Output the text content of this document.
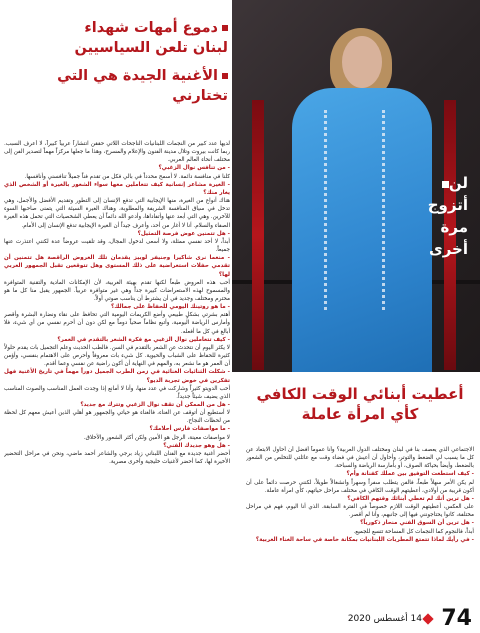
لن
أتزوج
مرة
أخرى
دموع أمهات شهداء
لبنان تلعن السياسيين
الأغنية الجيدة هي التي تختارني

لديها عدد كبير من النجمات اللبنانيات الناجحات اللاتي حققن انتشاراً عربياً كبيراً، لا أعرف السبب. ربما كانت بيروت وتلال مدينة الفنون والإعلام والمسرح، وهذا ما جعلها مركزاً مهماً لتصدير الفن إلى مختلف أنحاء العالم العربي.

- من تنافس نوال الزغبي؟

كلنا في منافسة دائمة. لا أسمح محدداً في بالي فكل من تقدم فناً جميلاً تنافسني وأنافسها.

- الغيرة مشاعر إنسانية كيف تتعاملين معها سواء الشعور بالغيرة أو الشخص الذي يغار منك؟

هناك أنواع من الغيرة، منها الإيجابية التي تدفع الإنسان إلى التطور وتقديم الأفضل والأجمل، وهي تدخل في سياق المنافسة الشريفة والمطلوبة، وهناك الغيرة السيئة التي يتمنى صاحبها السوء للآخرين. وهي التي أبعد عنها وأتفاداها، وأدعو الله دائماً أن يعطي الشخصيات التي تحمل هذه الغيرة الصفاء والسلام. أنا لا أغار من أحد، وأعرف جيداً أن الغيرة الإيجابية تدفع الإنسان إلى الأمام.

- هل تتمنين عوض فرصة التمثيل؟

أبداً، لا أحد نفسي ممثلة، ولا أسعى لدخول المجال، وقد تلقيت عروضاً عدة لكنني اعتذرت عنها جميعاً.

- منعما نرى شاكيرا وجنيفر لوبيز يقدمان تلك العروض الراقصة هل تتمنين أن تقدمي حفلات استعراضية على ذلك المستوى وهل تتوقعين تقبل الجمهور العربي لها؟

أحب هذه العروض طبعاً لكنها تقدم بهيئة الغربية، لأن الإمكانات المادية والتقنية المتوافرة والمسموح لهذه الاستعراضات كبيرة جداً وهي غير متوافرة عربياً. الجمهور يقبل منا كل ما هو محترم ومختلف وجديد في أن يشترط أن يناسب صوتي أولاً.

- ما هو روتينك اليومي للحفاظ على جمالك؟

أهتم بشرتي بشكلٍ طبيعي وأضع الكريمات اليومية التي تحافظ على نقاء ونضارة البشرة وأقصر وأمارس الرياضة اليومية، وأتبع نظاماً صحياً دوماً مع لكن دون أن أحرم نفسي من أي شيء، فلا أبالغ في كل ما أفعله.

- كيف تتعاملين نوال الزغبي مع فكرة الشعر بالتقدم في العمر؟

لا يكثر اليوم أن نتحدث عن الشعر بالتقدم في السن. فالطب الحديث وعلم التجميل بات يقدم حلولاً كثيرة للحفاظ على الشباب والحيوية. كل شيء بات معروفاً وأحرص على الاهتمام بنفسي، وأؤمن أن العمر هو ما نشعر به، والمهم في النهاية أن أكون راضية عن نفسي وعما أقدم.

- شكلت الثنائيات الغنائية في زمن الطرب الجميل دوراً مهماً في تاريخ الأغنية فهل تفكرين في خوض تجربة الديو؟

أحب الدويتو كثيراً وشاركت في عدد منها، وأنا لا أمانع إذا وجدت العمل المناسب والصوت المناسب الذي يضيف شيئاً جديداً.

- هل من الممكن أن تقف نوال الزغبي وتترك مع جديد؟

لا أستطيع أن أتوقف عن الغناء، فالغناء هو حياتي والجمهور هو أهلي الذين أعيش معهم كل لحظة من لحظات النجاح.

- ما مواصفات فارس أحلامك؟

لا مواصفات معينة، الرجل هو الأمين ولكن أكثر الشعور والأخلاق.

- هل وهو جديدك الفني؟

أحضر أغنية جديدة مع الفنان اللبناني زياد برجي والشاعر أحمد ماضي، ونحن في مراحل التحضير الأخيرة لها، كما أحضر لأغنيات خليجية وأخرى مصرية.

أعطيت أبنائي الوقت الكافي
كأي امرأة عاملة

الاجتماعي الذي يعصف بنا في لبنان ومختلف الدول العربية؟ وأنا عموماً أفضل أن أحاول الابتعاد عن كل ما يسبب لي الضغط والتوتر، وأحاول أن أعيش في فضاء وقت مع عائلتي للتخلص من الشعور بالضغط، وأيضاً بحياكة الصوف، أو بأمارسة الرياضة والسباحة.

- كيف استطعت التوفيق بين عملك كفنانة وأم؟

لم يكن الأمر سهلاً طبعاً، فالفن يتطلب سفراً وسهراً وانشغالاً طويلاً، لكنني حرصت دائماً على أن أكون قريبة من أولادي، أعطيتهم الوقت الكافي في مختلف مراحل حياتهم، كأي امرأة عاملة.

- هل ترين أنك لم تعطي أبنائك وقتهم الكافي؟

على العكس، أعطيتهم الوقت اللازم خصوصاً في الفترة السابقة. الذي أنا اليوم، فهم في مراحل مختلفة، كانوا يحتاجونني فيها إلى جانبهم، وأنا لم أقصر.

- هل ترين أن السوق الفني منحاز ذكورياً؟

أبداً، فالنجوم كما النجمات كل المساحة تتسع للجميع.

- في رأيك لماذا تتمتع المطربات اللبنانيات بمكانة خاصة في ساحة الغناء العربية؟

74
14 أغسطس 2020
